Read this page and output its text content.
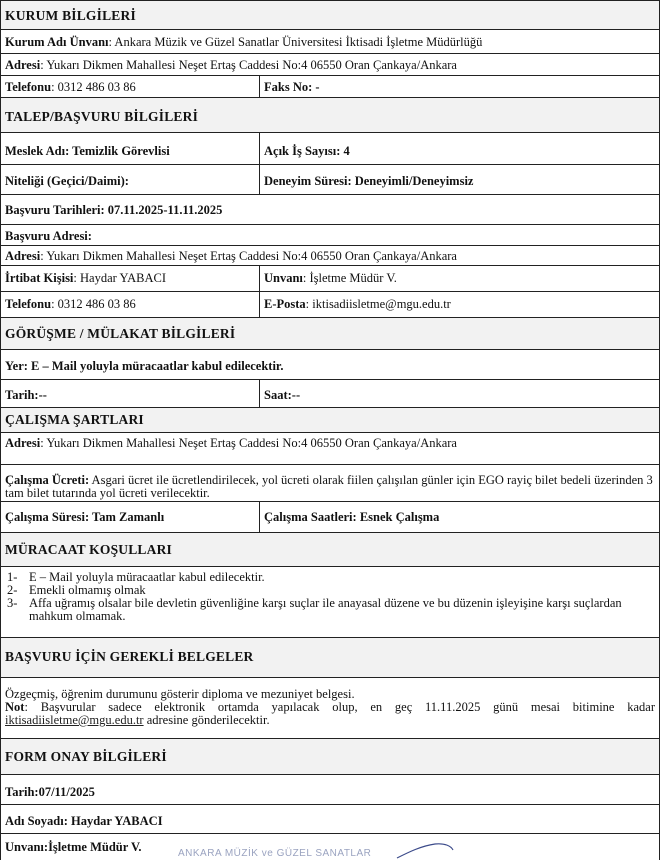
KURUM BİLGİLERİ
Kurum Adı Ünvanı: Ankara Müzik ve Güzel Sanatlar Üniversitesi İktisadi İşletme Müdürlüğü
Adresi: Yukarı Dikmen Mahallesi Neşet Ertaş Caddesi No:4 06550 Oran Çankaya/Ankara
Telefonu: 0312 486 03 86	Faks No: -
TALEP/BAŞVURU BİLGİLERİ
Meslek Adı: Temizlik Görevlisi	Açık İş Sayısı: 4
Niteliği (Geçici/Daimi):	Deneyim Süresi: Deneyimli/Deneyimsiz
Başvuru Tarihleri: 07.11.2025-11.11.2025
Başvuru Adresi:
Adresi: Yukarı Dikmen Mahallesi Neşet Ertaş Caddesi No:4 06550 Oran Çankaya/Ankara
İrtibat Kişisi: Haydar YABACI	Unvanı: İşletme Müdür V.
Telefonu: 0312 486 03 86	E-Posta: iktisadiisletme@mgu.edu.tr
GÖRÜŞME / MÜLAKAT BİLGİLERİ
Yer: E – Mail yoluyla müracaatlar kabul edilecektir.
Tarih:--	Saat:--
ÇALIŞMA ŞARTLARI
Adresi: Yukarı Dikmen Mahallesi Neşet Ertaş Caddesi No:4 06550 Oran Çankaya/Ankara
Çalışma Ücreti: Asgari ücret ile ücretlendirilecek, yol ücreti olarak fiilen çalışılan günler için EGO rayiç bilet bedeli üzerinden 3 tam bilet tutarında yol ücreti verilecektir.
Çalışma Süresi: Tam Zamanlı	Çalışma Saatleri: Esnek Çalışma
MÜRACAAT KOŞULLARI
1- E – Mail yoluyla müracaatlar kabul edilecektir.
2- Emekli olmamış olmak
3- Affa uğramış olsalar bile devletin güvenliğine karşı suçlar ile anayasal düzene ve bu düzenin işleyişine karşı suçlardan mahkum olmamak.
BAŞVURU İÇİN GEREKLİ BELGELER
Özgeçmiş, öğrenim durumunu gösterir diploma ve mezuniyet belgesi.
Not: Başvurular sadece elektronik ortamda yapılacak olup, en geç 11.11.2025 günü mesai bitimine kadar iktisadiisletme@mgu.edu.tr adresine gönderilecektir.
FORM ONAY BİLGİLERİ
Tarih:07/11/2025
Adı Soyadı: Haydar YABACI
Unvanı:İşletme Müdür V.	ANKARA MÜZİK ve GÜZEL SANATLAR
